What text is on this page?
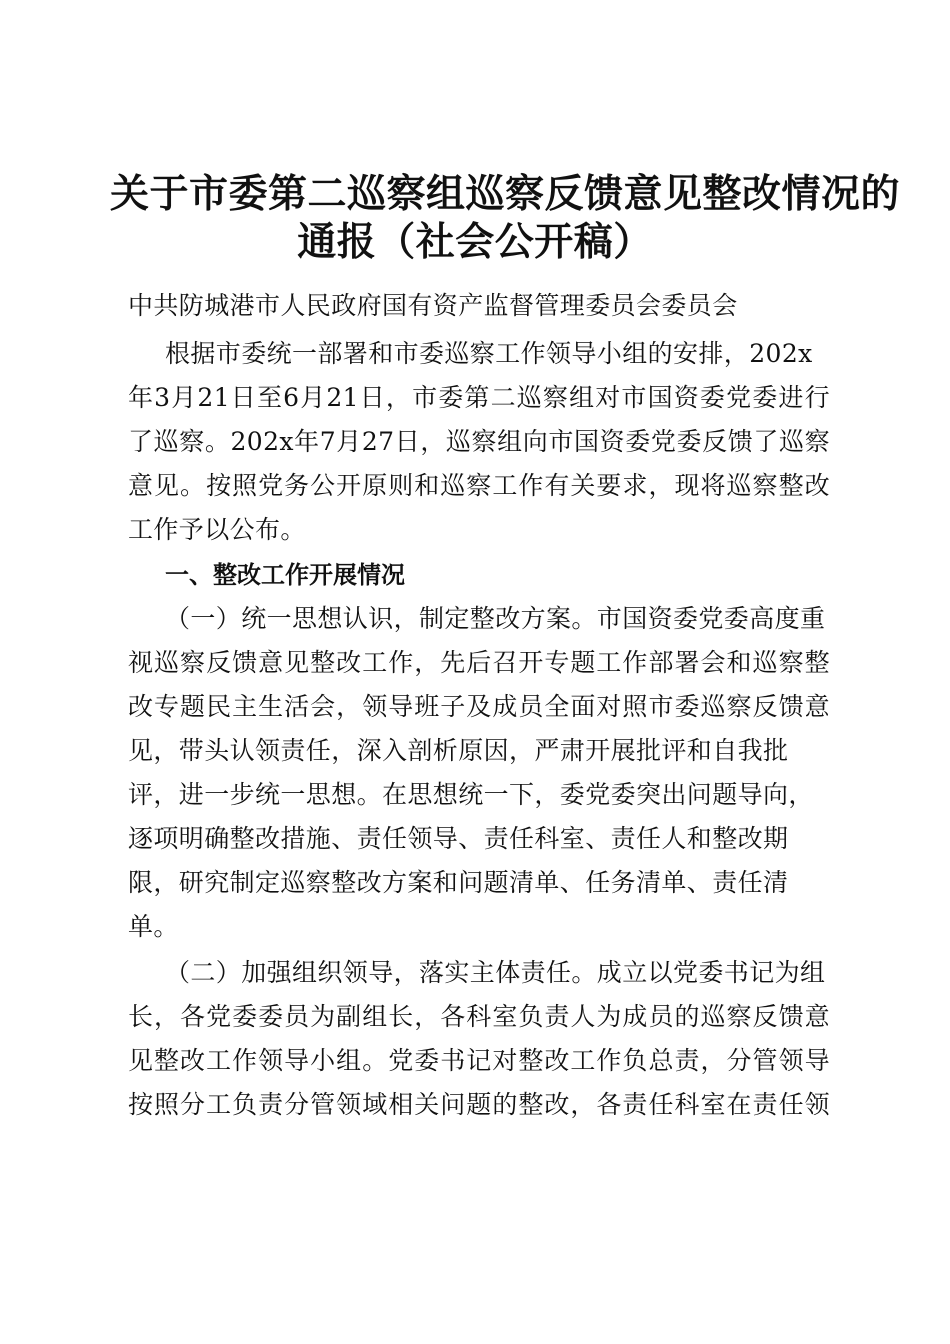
关于市委第二巡察组巡察反馈意见整改情况的
通报（社会公开稿）
中共防城港市人民政府国有资产监督管理委员会委员会
根据市委统一部署和市委巡察工作领导小组的安排，202x
年3月21日至6月21日，市委第二巡察组对市国资委党委进行
了巡察。202x年7月27日，巡察组向市国资委党委反馈了巡察
意见。按照党务公开原则和巡察工作有关要求，现将巡察整改
工作予以公布。
一、整改工作开展情况
（一）统一思想认识，制定整改方案。市国资委党委高度重
视巡察反馈意见整改工作，先后召开专题工作部署会和巡察整
改专题民主生活会，领导班子及成员全面对照市委巡察反馈意
见，带头认领责任，深入剖析原因，严肃开展批评和自我批
评，进一步统一思想。在思想统一下，委党委突出问题导向，
逐项明确整改措施、责任领导、责任科室、责任人和整改期
限，研究制定巡察整改方案和问题清单、任务清单、责任清
单。
（二）加强组织领导，落实主体责任。成立以党委书记为组
长，各党委委员为副组长，各科室负责人为成员的巡察反馈意
见整改工作领导小组。党委书记对整改工作负总责，分管领导
按照分工负责分管领域相关问题的整改，各责任科室在责任领
